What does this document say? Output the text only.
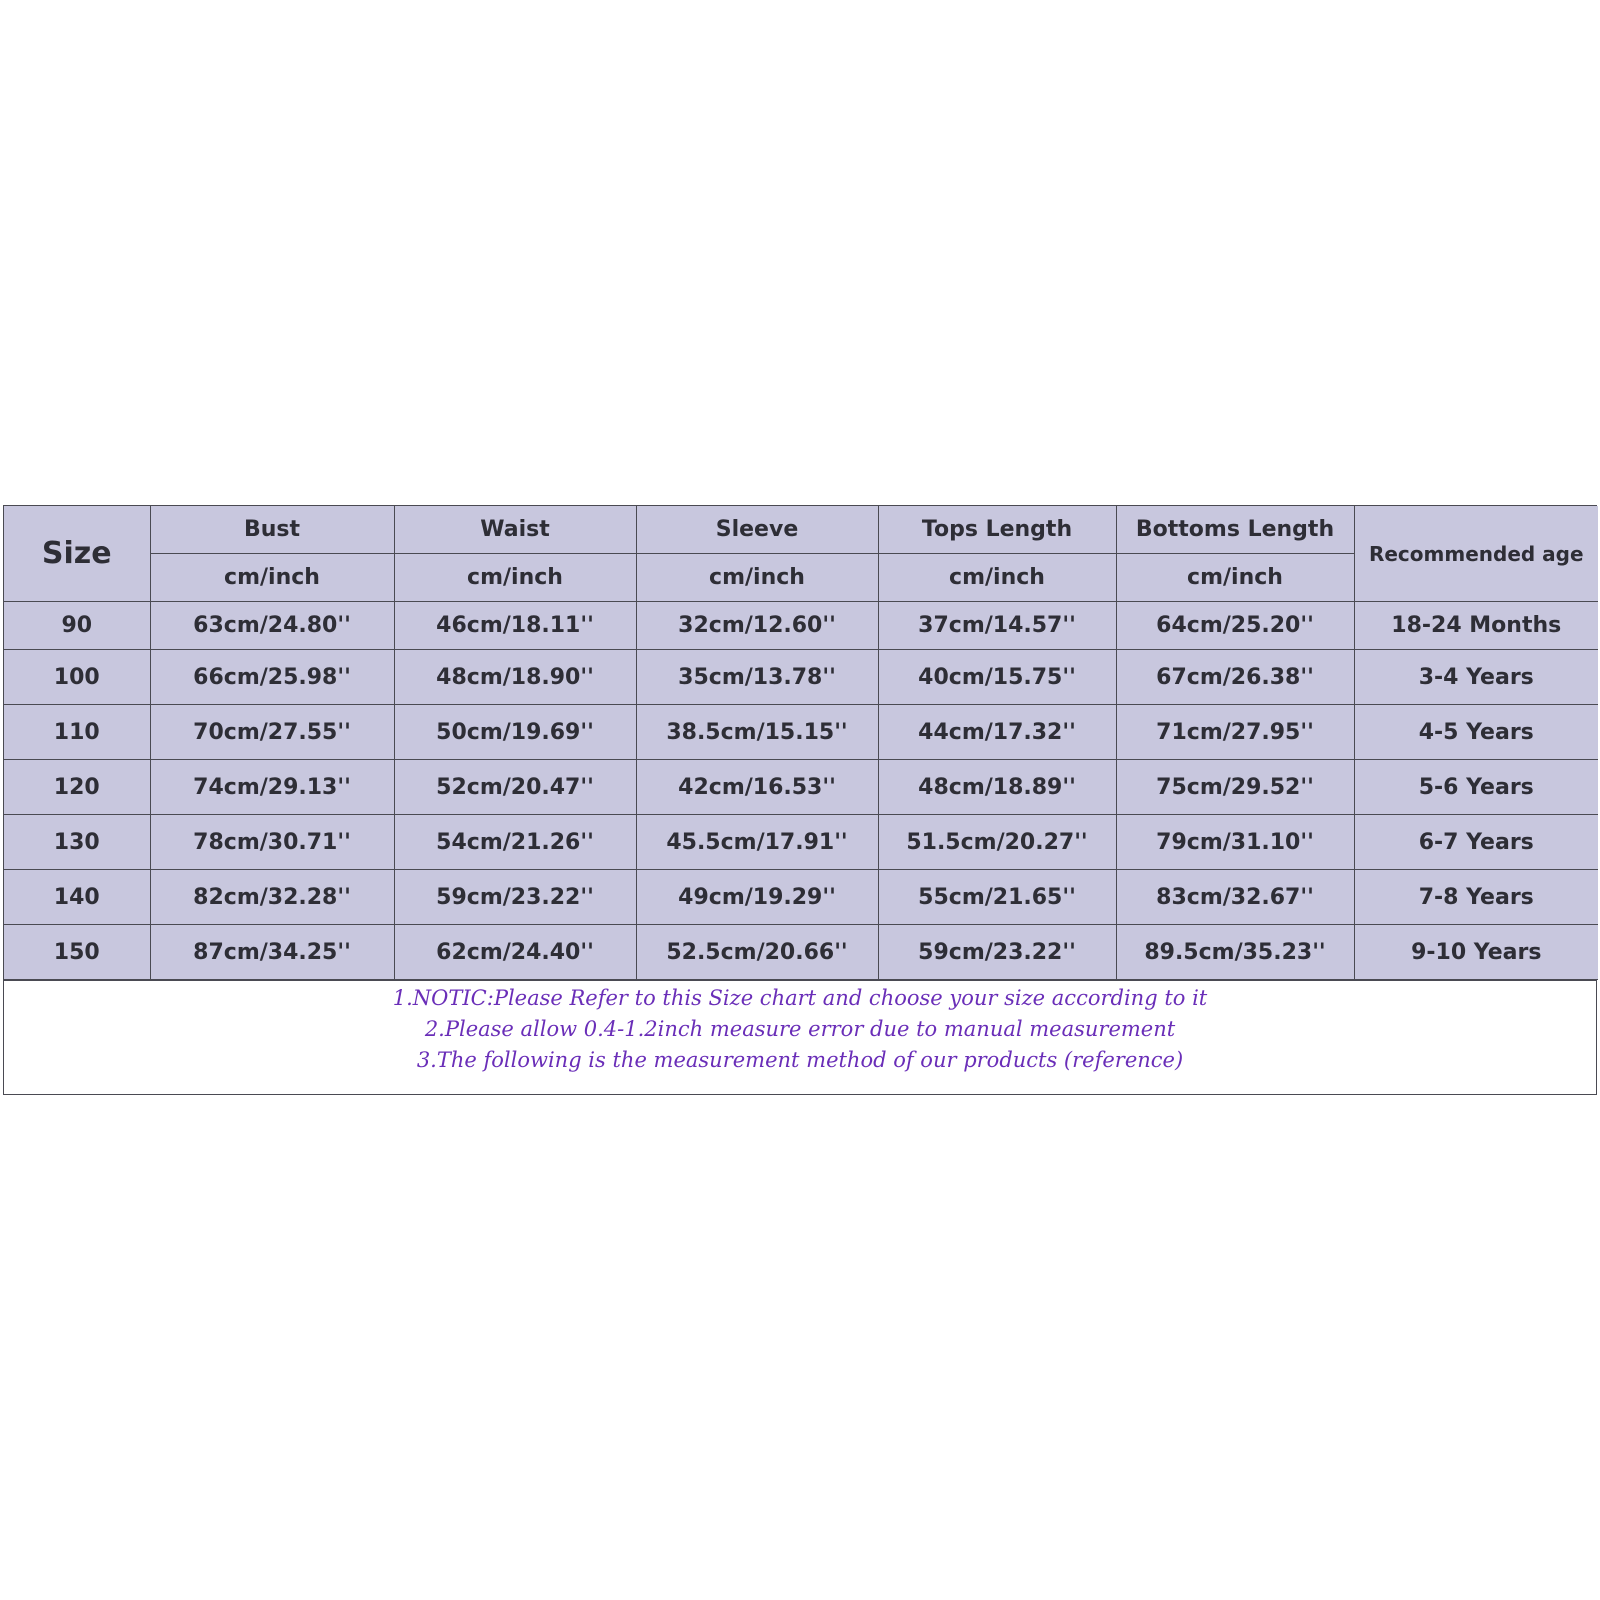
Size	Bust	Waist	Sleeve	Tops Length	Bottoms Length	Recommended age
	cm/inch	cm/inch	cm/inch	cm/inch	cm/inch	
90	63cm/24.80''	46cm/18.11''	32cm/12.60''	37cm/14.57''	64cm/25.20''	18-24 Months
100	66cm/25.98''	48cm/18.90''	35cm/13.78''	40cm/15.75''	67cm/26.38''	3-4 Years
110	70cm/27.55''	50cm/19.69''	38.5cm/15.15''	44cm/17.32''	71cm/27.95''	4-5 Years
120	74cm/29.13''	52cm/20.47''	42cm/16.53''	48cm/18.89''	75cm/29.52''	5-6 Years
130	78cm/30.71''	54cm/21.26''	45.5cm/17.91''	51.5cm/20.27''	79cm/31.10''	6-7 Years
140	82cm/32.28''	59cm/23.22''	49cm/19.29''	55cm/21.65''	83cm/32.67''	7-8 Years
150	87cm/34.25''	62cm/24.40''	52.5cm/20.66''	59cm/23.22''	89.5cm/35.23''	9-10 Years
1.NOTIC:Please Refer to this Size chart and choose your size according to it
2.Please allow 0.4-1.2inch measure error due to manual measurement
3.The following is the measurement method of our products (reference)
